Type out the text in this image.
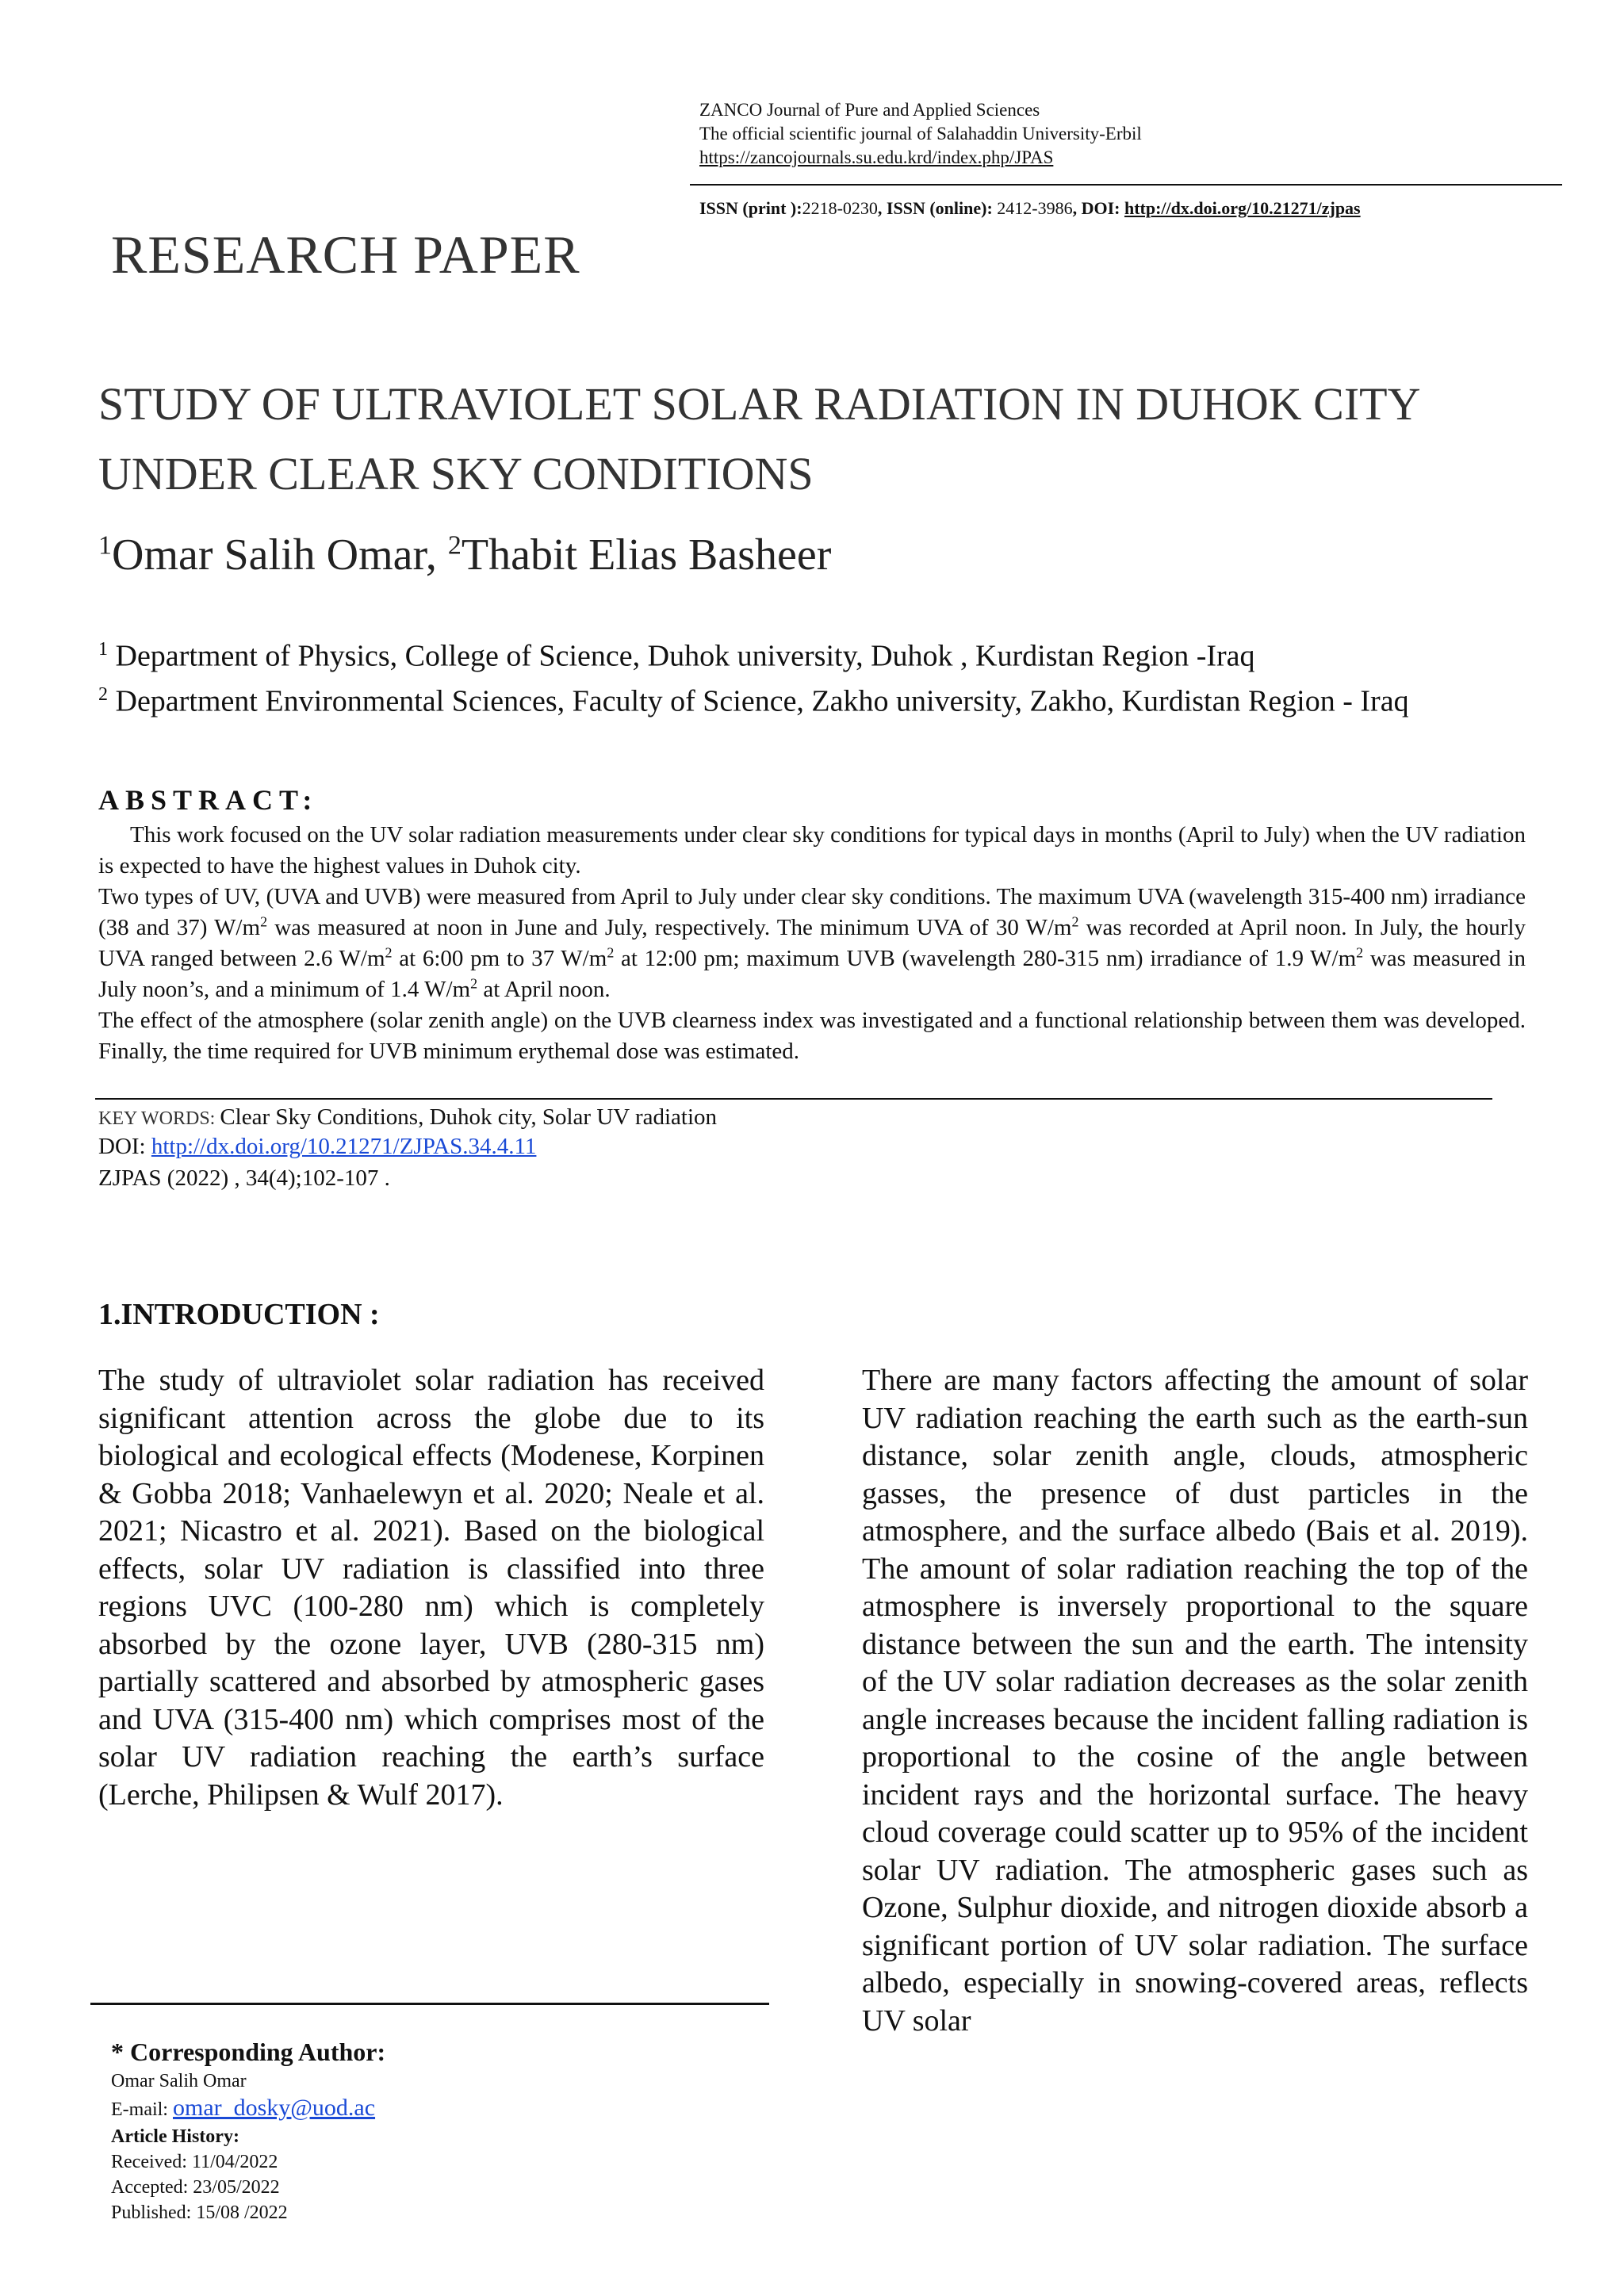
ZANCO Journal of Pure and Applied Sciences
The official scientific journal of Salahaddin University-Erbil
https://zancojournals.su.edu.krd/index.php/JPAS
ISSN (print ):2218-0230, ISSN (online): 2412-3986, DOI: http://dx.doi.org/10.21271/zjpas
RESEARCH PAPER
STUDY OF ULTRAVIOLET SOLAR RADIATION IN DUHOK CITY
UNDER CLEAR SKY CONDITIONS
$^1$Omar Salih Omar, $^2$Thabit Elias Basheer
$^1$ Department of Physics, College of Science, Duhok university, Duhok , Kurdistan Region -Iraq
$^2$ Department Environmental Sciences, Faculty of Science, Zakho university, Zakho, Kurdistan Region - Iraq
ABSTRACT:

This work focused on the UV solar radiation measurements under clear sky conditions for typical days in months (April to July) when the UV radiation is expected to have the highest values in Duhok city.

Two types of UV, (UVA and UVB) were measured from April to July under clear sky conditions. The maximum UVA (wavelength 315-400 nm) irradiance (38 and 37) $W/m^2$ was measured at noon in June and July, respectively. The minimum UVA of 30 $W/m^2$ was recorded at April noon. In July, the hourly UVA ranged between 2.6 $W/m^2$ at 6:00 pm to 37 $W/m^2$ at 12:00 pm; maximum UVB (wavelength 280-315 nm) irradiance of 1.9 $W/m^2$ was measured in July noon’s, and a minimum of 1.4 $W/m^2$ at April noon.

The effect of the atmosphere (solar zenith angle) on the UVB clearness index was investigated and a functional relationship between them was developed. Finally, the time required for UVB minimum erythemal dose was estimated.

KEY WORDS: Clear Sky Conditions, Duhok city, Solar UV radiation
DOI: http://dx.doi.org/10.21271/ZJPAS.34.4.11
ZJPAS (2022) , 34(4);102-107 .
1.INTRODUCTION :
The study of ultraviolet solar radiation has received significant attention across the globe due to its biological and ecological effects (Modenese, Korpinen & Gobba 2018; Vanhaelewyn et al. 2020; Neale et al. 2021; Nicastro et al. 2021). Based on the biological effects, solar UV radiation is classified into three regions UVC (100-280 nm) which is completely absorbed by the ozone layer, UVB (280-315 nm) partially scattered and absorbed by atmospheric gases and UVA (315-400 nm) which comprises most of the solar UV radiation reaching the earth’s surface (Lerche, Philipsen & Wulf 2017).
There are many factors affecting the amount of solar UV radiation reaching the earth such as the earth-sun distance, solar zenith angle, clouds, atmospheric gasses, the presence of dust particles in the atmosphere, and the surface albedo (Bais et al. 2019). The amount of solar radiation reaching the top of the atmosphere is inversely proportional to the square distance between the sun and the earth. The intensity of the UV solar radiation decreases as the solar zenith angle increases because the incident falling radiation is proportional to the cosine of the angle between incident rays and the horizontal surface. The heavy cloud coverage could scatter up to 95% of the incident solar UV radiation. The atmospheric gases such as Ozone, Sulphur dioxide, and nitrogen dioxide absorb a significant portion of UV solar radiation. The surface albedo, especially in snowing-covered areas, reflects UV solar
* Corresponding Author:
Omar Salih Omar
E-mail: omar_dosky@uod.ac
Article History:
Received: 11/04/2022
Accepted: 23/05/2022
Published: 15/08 /2022
